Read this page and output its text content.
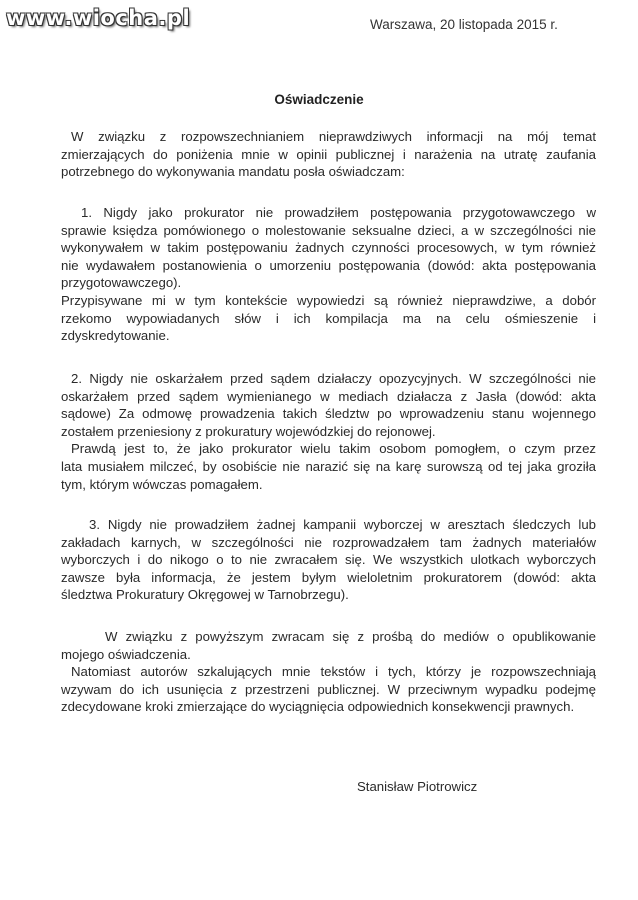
www.wiocha.pl	Warszawa, 20 listopada 2015 r.
Oświadczenie
W związku z rozpowszechnianiem nieprawdziwych informacji na mój temat
zmierzających do poniżenia mnie w opinii publicznej i narażenia na utratę zaufania
potrzebnego do wykonywania mandatu posła oświadczam:
1. Nigdy jako prokurator nie prowadziłem postępowania przygotowawczego w
sprawie księdza pomówionego o molestowanie seksualne dzieci, a w szczególności nie
wykonywałem w takim postępowaniu żadnych czynności procesowych, w tym również
nie wydawałem postanowienia o umorzeniu postępowania (dowód: akta postępowania
przygotowawczego).
Przypisywane mi w tym kontekście wypowiedzi są również nieprawdziwe, a dobór
rzekomo wypowiadanych słów i ich kompilacja ma na celu ośmieszenie i
zdyskredytowanie.
2. Nigdy nie oskarżałem przed sądem działaczy opozycyjnych. W szczególności nie
oskarżałem przed sądem wymienianego w mediach działacza z Jasła (dowód: akta
sądowe) Za odmowę prowadzenia takich śledztw po wprowadzeniu stanu wojennego
zostałem przeniesiony z prokuratury wojewódzkiej do rejonowej.
Prawdą jest to, że jako prokurator wielu takim osobom pomogłem, o czym przez
lata musiałem milczeć, by osobiście nie narazić się na karę surowszą od tej jaka groziła
tym, którym wówczas pomagałem.
3. Nigdy nie prowadziłem żadnej kampanii wyborczej w aresztach śledczych lub
zakładach karnych, w szczególności nie rozprowadzałem tam żadnych materiałów
wyborczych i do nikogo o to nie zwracałem się. We wszystkich ulotkach wyborczych
zawsze była informacja, że jestem byłym wieloletnim prokuratorem (dowód: akta
śledztwa Prokuratury Okręgowej w Tarnobrzegu).
W związku z powyższym zwracam się z prośbą do mediów o opublikowanie
mojego oświadczenia.
Natomiast autorów szkalujących mnie tekstów i tych, którzy je rozpowszechniają
wzywam do ich usunięcia z przestrzeni publicznej. W przeciwnym wypadku podejmę
zdecydowane kroki zmierzające do wyciągnięcia odpowiednich konsekwencji prawnych.
Stanisław Piotrowicz
